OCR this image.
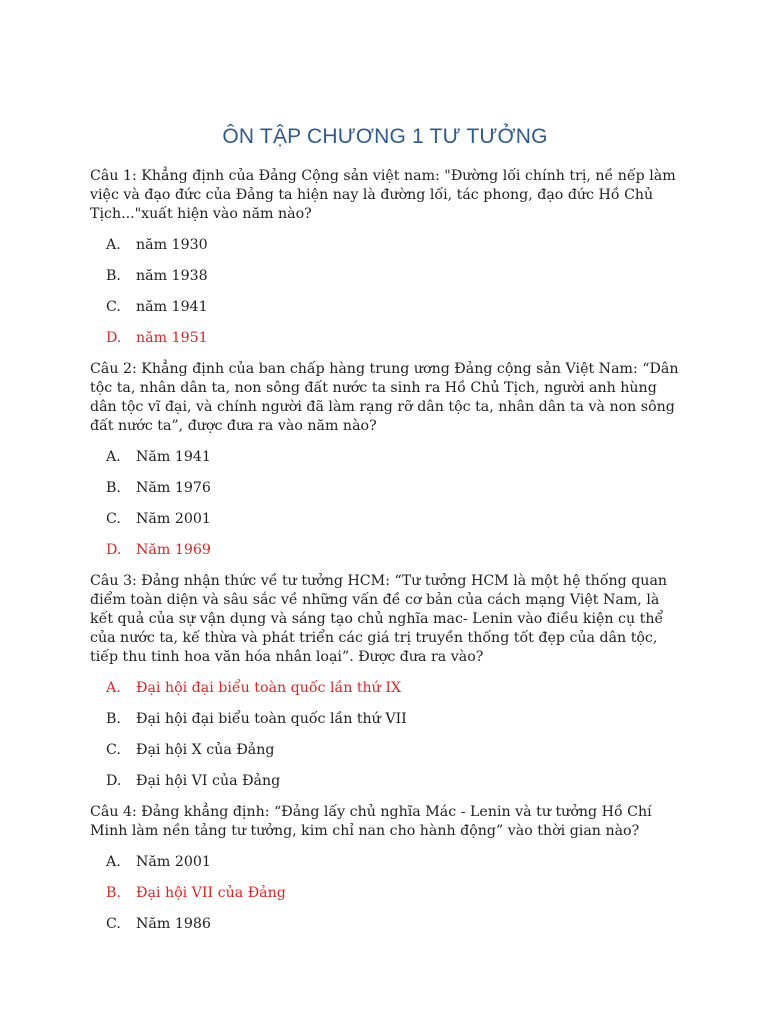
ÔN TẬP CHƯƠNG 1 TƯ TƯỞNG

Câu 1: Khẳng định của Đảng Cộng sản việt nam: "Đường lối chính trị, nề nếp làm việc và đạo đức của Đảng ta hiện nay là đường lối, tác phong, đạo đức Hồ Chủ Tịch..."xuất hiện vào năm nào?

A.	năm 1930
B.	năm 1938
C.	năm 1941
D.	năm 1951

Câu 2: Khẳng định của ban chấp hàng trung ương Đảng cộng sản Việt Nam: “Dân tộc ta, nhân dân ta, non sông đất nước ta sinh ra Hồ Chủ Tịch, người anh hùng dân tộc vĩ đại, và chính người đã làm rạng rỡ dân tộc ta, nhân dân ta và non sông đất nước ta”, được đưa ra vào năm nào?

A.	Năm 1941
B.	Năm 1976
C.	Năm 2001
D.	Năm 1969

Câu 3: Đảng nhận thức về tư tưởng HCM: “Tư tưởng HCM là một hệ thống quan điểm toàn diện và sâu sắc về những vấn đề cơ bản của cách mạng Việt Nam, là kết quả của sự vận dụng và sáng tạo chủ nghĩa mac- Lenin vào điều kiện cụ thể của nước ta, kế thừa và phát triển các giá trị truyền thống tốt đẹp của dân tộc, tiếp thu tinh hoa văn hóa nhân loại”. Được đưa ra vào?

A.	Đại hội đại biểu toàn quốc lần thứ IX
B.	Đại hội đại biểu toàn quốc lần thứ VII
C.	Đại hội X của Đảng
D.	Đại hội VI của Đảng

Câu 4: Đảng khẳng định: “Đảng lấy chủ nghĩa Mác - Lenin và tư tưởng Hồ Chí Minh làm nền tảng tư tưởng, kim chỉ nan cho hành động” vào thời gian nào?

A.	Năm 2001
B.	Đại hội VII của Đảng
C.	Năm 1986
